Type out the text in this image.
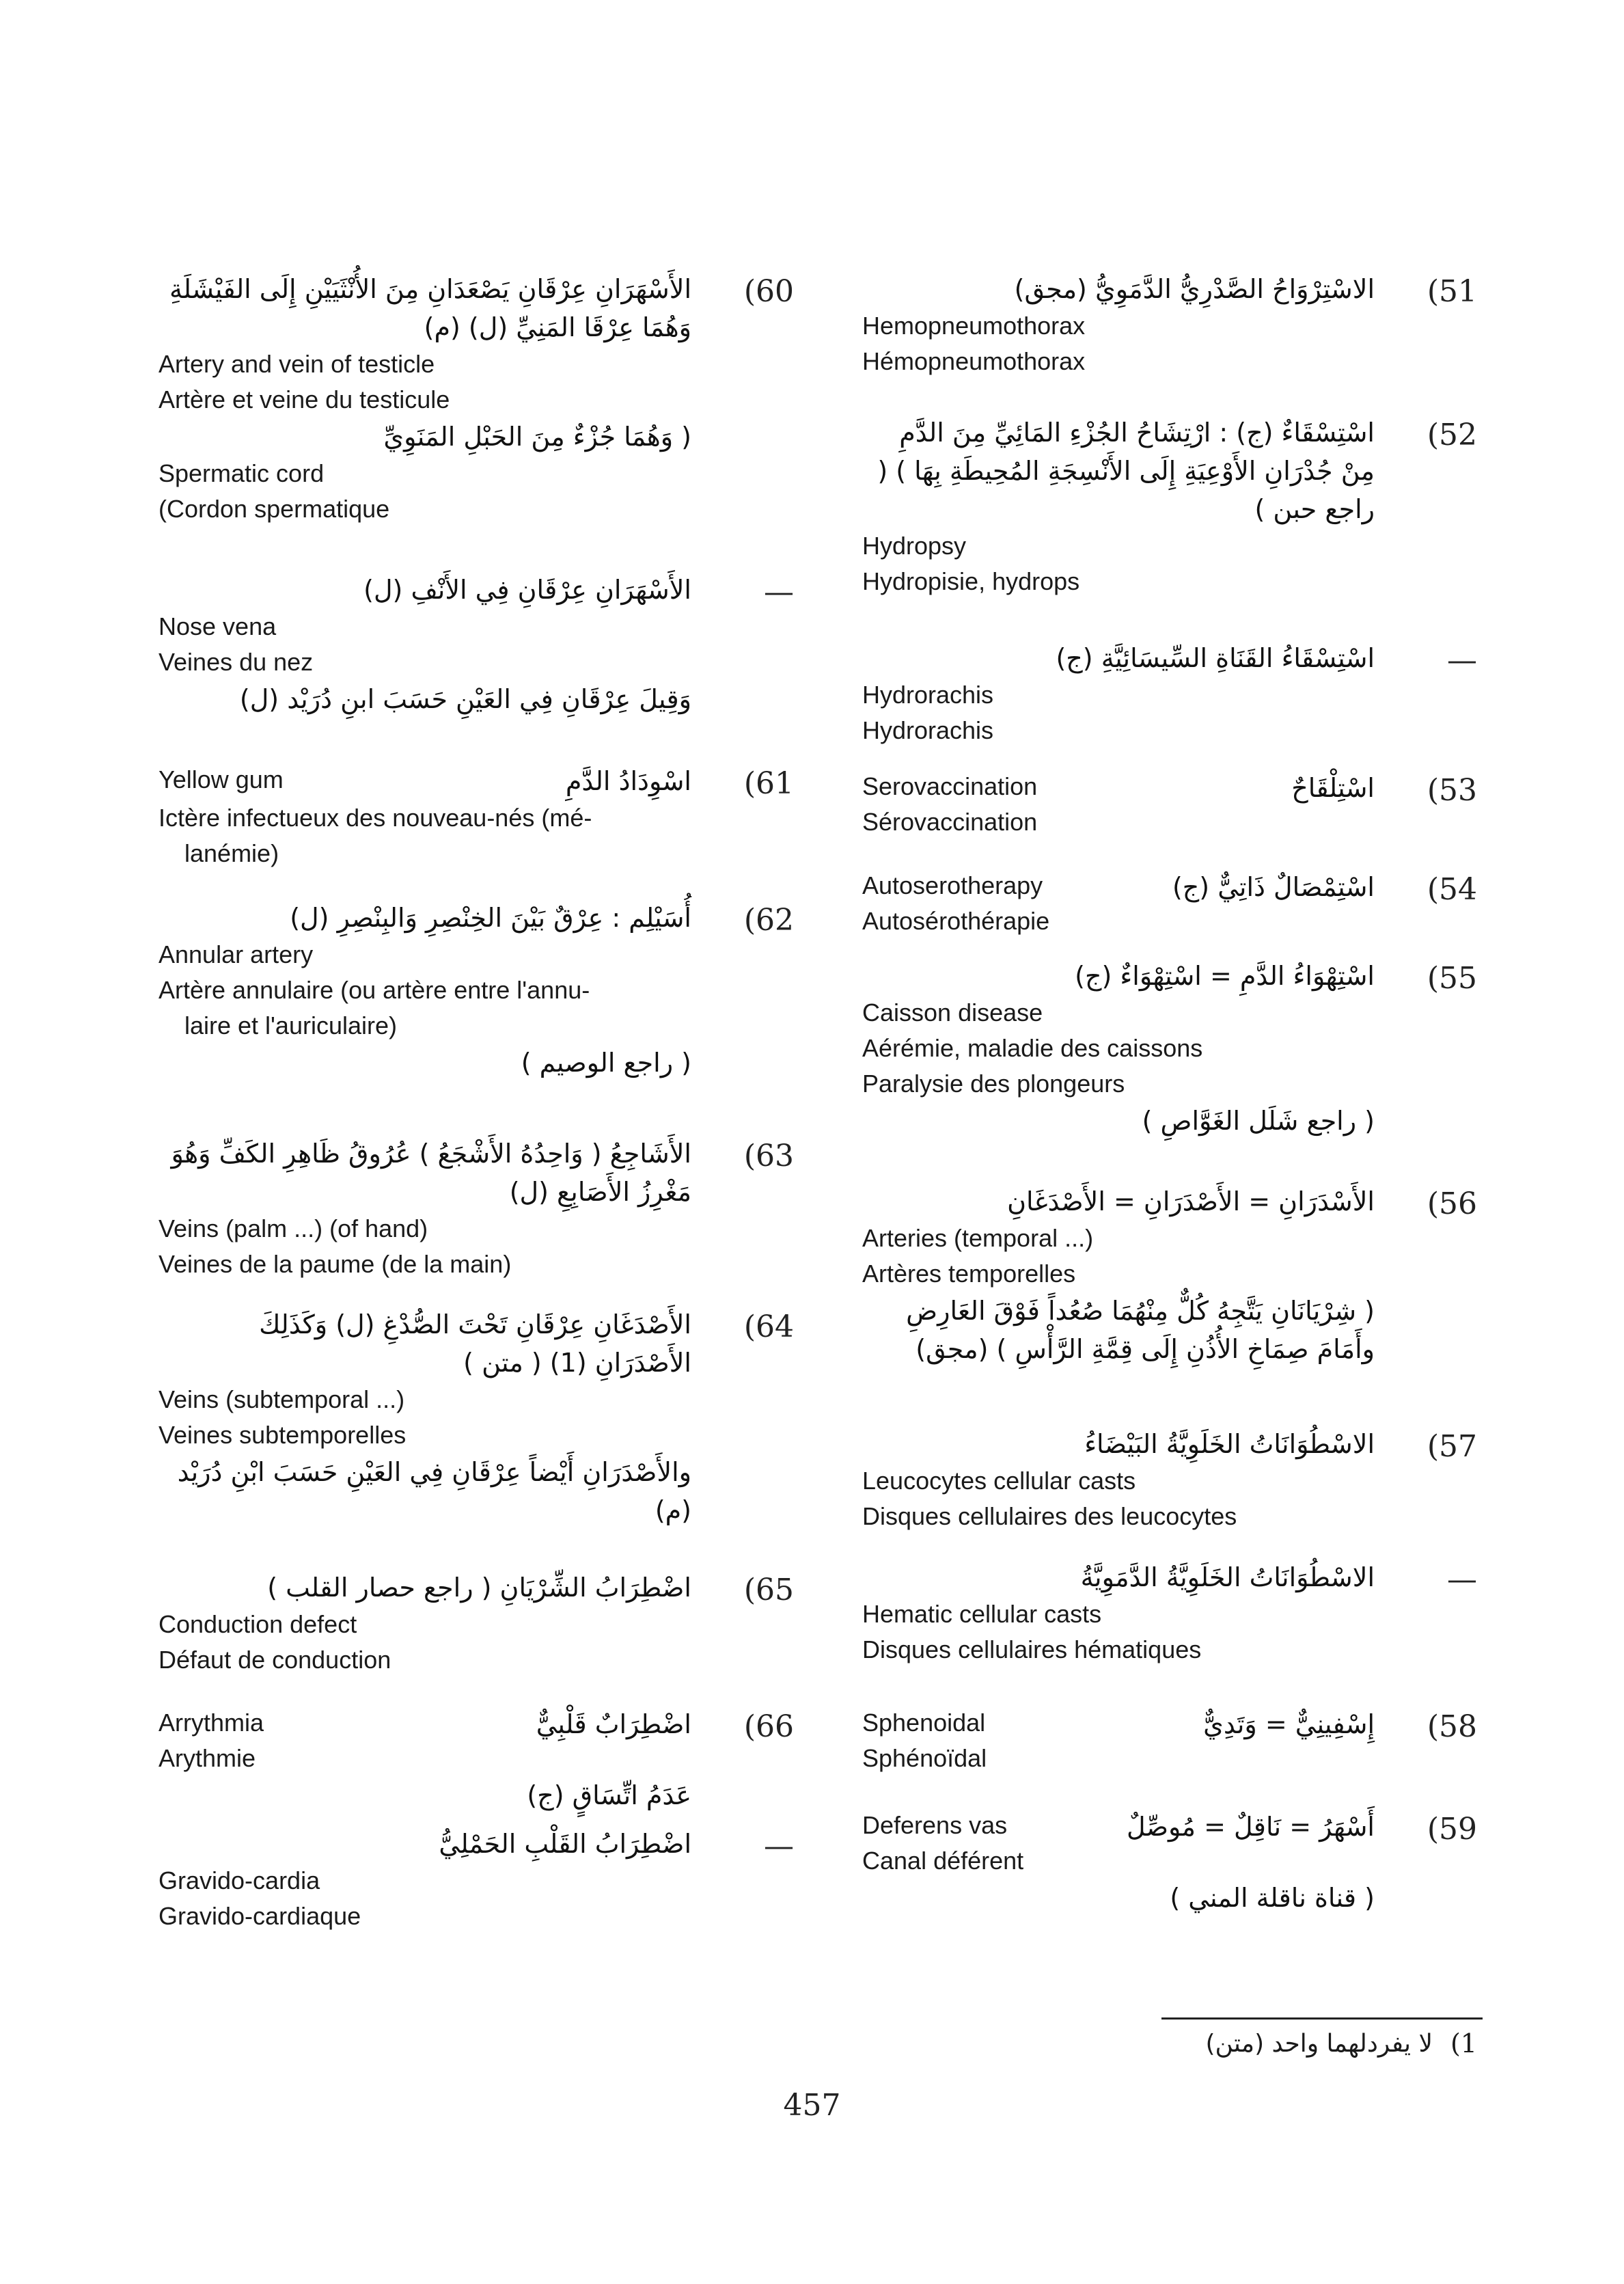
(51
الاسْتِرْوَاحُ الصَّدْرِيُّ الدَّمَوِيُّ (مجق)
Hemopneumothorax
Hémopneumothorax
(52
اسْتِسْقَاءٌ (ج) : ارْتِشَاحُ الجُزْءِ المَائِيِّ مِنَ الدَّمِ مِنْ جُدْرَانِ الأَوْعِيَةِ إِلَى الأَنْسِجَةِ المُحِيطَةِ بِهَا ) ( راجع حبن )
Hydropsy
Hydropisie, hydrops
—
اسْتِسْقَاءُ القَنَاةِ السِّيسَائِيَّةِ (ج)
Hydrorachis
Hydrorachis
(53
Serovaccination
Sérovaccination
اسْتِلْقَاحٌ
(54
Autoserotherapy
Autosérothérapie
اسْتِمْصَالٌ ذَاتِيٌّ (ج)
(55
اسْتِهْوَاءُ الدَّمِ = اسْتِهْوَاءٌ (ج)
Caisson disease
Aérémie, maladie des caissons
Paralysie des plongeurs
( راجع شَلَل الغَوَّاصِ )
(56
الأَسْدَرَانِ = الأَصْدَرَانِ = الأَصْدَغَانِ
Arteries (temporal ...)
Artères temporelles
( شِرْيَانَانِ يَتَّجِهُ كُلٌّ مِنْهُمَا صُعُداً فَوْقَ العَارِضِ وأَمَامَ صِمَاخِ الأُذُنِ إِلَى قِمَّةِ الرَّأْسِ ) (مجق)
(57
الاسْطُوَانَاتُ الخَلَوِيَّةُ البَيْضَاءُ
Leucocytes cellular casts
Disques cellulaires des leucocytes
—
الاسْطُوَانَاتُ الخَلَوِيَّةُ الدَّمَوِيَّةُ
Hematic cellular casts
Disques cellulaires hématiques
(58
Sphenoidal
Sphénoïdal
إِسْفِينِيٌّ = وَتَدِيٌّ
(59
Deferens vas
Canal déférent
أَسْهَرُ = نَاقِلٌ = مُوصِّلٌ
( قناة ناقلة المني )
(60
الأَسْهَرَانِ عِرْقَانِ يَصْعَدَانِ مِنَ الأُنْثَيَيْنِ إِلَى الفَيْشَلَةِ وَهُمَا عِرْقَا المَنِيِّ (ل) (م)
Artery and vein of testicle
Artère et veine du testicule
( وَهُمَا جُزْءٌ مِنَ الحَبْلِ المَنَوِيِّ
Spermatic cord
(Cordon spermatique
—
الأَسْهَرَانِ عِرْقَانِ فِي الأَنْفِ (ل)
Nose vena
Veines du nez
وَقِيلَ عِرْقَانِ فِي العَيْنِ حَسَبَ ابنِ دُرَيْد (ل)
(61
Yellow gum	اسْوِدَادُ الدَّمِ
Ictère infectueux des nouveau-nés (mé-
lanémie)
(62
أُسَيْلِم : عِرْقٌ بَيْنَ الخِنْصِرِ وَالبِنْصِرِ (ل)
Annular artery
Artère annulaire (ou artère entre l'annu-
laire et l'auriculaire)
( راجع الوصيم )
(63
الأَشَاجِعُ ( وَاحِدُهُ الأَشْجَعُ ) عُرُوقُ ظَاهِرِ الكَفِّ وَهُوَ مَغْرِزُ الأَصَابِعِ (ل)
Veins (palm ...) (of hand)
Veines de la paume (de la main)
(64
الأَصْدَغَانِ عِرْقَانِ تَحْتَ الصُّدْغِ (ل) وَكَذَلِكَ الأَصْدَرَانِ (1) ( متن )
Veins (subtemporal ...)
Veines subtemporelles
والأَصْدَرَانِ أَيْضاً عِرْقَانِ فِي العَيْنِ حَسَبَ ابْنِ دُرَيْد (م)
(65
اضْطِرَابُ الشِّرْيَانِ ( راجع حصار القلب )
Conduction defect
Défaut de conduction
(66
Arrythmia
Arythmie
اضْطِرَابٌ قَلْبِيٌّ
عَدَمُ اتِّسَاقٍ (ج)
—
اضْطِرَابُ القَلْبِ الحَمْلِيُّ
Gravido-cardia
Gravido-cardiaque
(1
لا يفردلهما واحد (متن)
457
